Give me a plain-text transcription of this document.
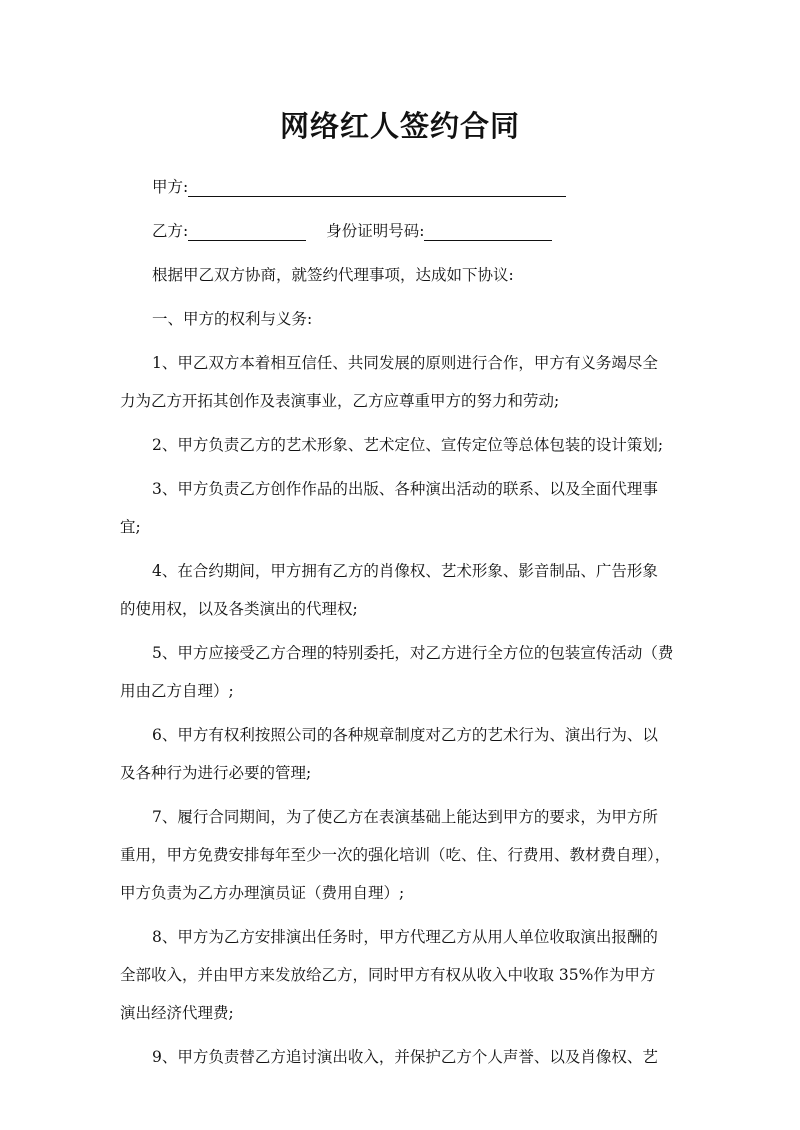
网络红人签约合同
甲方:
乙方:	身份证明号码:
根据甲乙双方协商，就签约代理事项，达成如下协议:
一、甲方的权利与义务:
1、甲乙双方本着相互信任、共同发展的原则进行合作，甲方有义务竭尽全
力为乙方开拓其创作及表演事业，乙方应尊重甲方的努力和劳动;
2、甲方负责乙方的艺术形象、艺术定位、宣传定位等总体包装的设计策划;
3、甲方负责乙方创作作品的出版、各种演出活动的联系、以及全面代理事
宜;
4、在合约期间，甲方拥有乙方的肖像权、艺术形象、影音制品、广告形象
的使用权，以及各类演出的代理权;
5、甲方应接受乙方合理的特别委托，对乙方进行全方位的包装宣传活动（费
用由乙方自理）;
6、甲方有权利按照公司的各种规章制度对乙方的艺术行为、演出行为、以
及各种行为进行必要的管理;
7、履行合同期间，为了使乙方在表演基础上能达到甲方的要求，为甲方所
重用，甲方免费安排每年至少一次的强化培训（吃、住、行费用、教材费自理），
甲方负责为乙方办理演员证（费用自理）;
8、甲方为乙方安排演出任务时，甲方代理乙方从用人单位收取演出报酬的
全部收入，并由甲方来发放给乙方，同时甲方有权从收入中收取 35%作为甲方
演出经济代理费;
9、甲方负责替乙方追讨演出收入，并保护乙方个人声誉、以及肖像权、艺
